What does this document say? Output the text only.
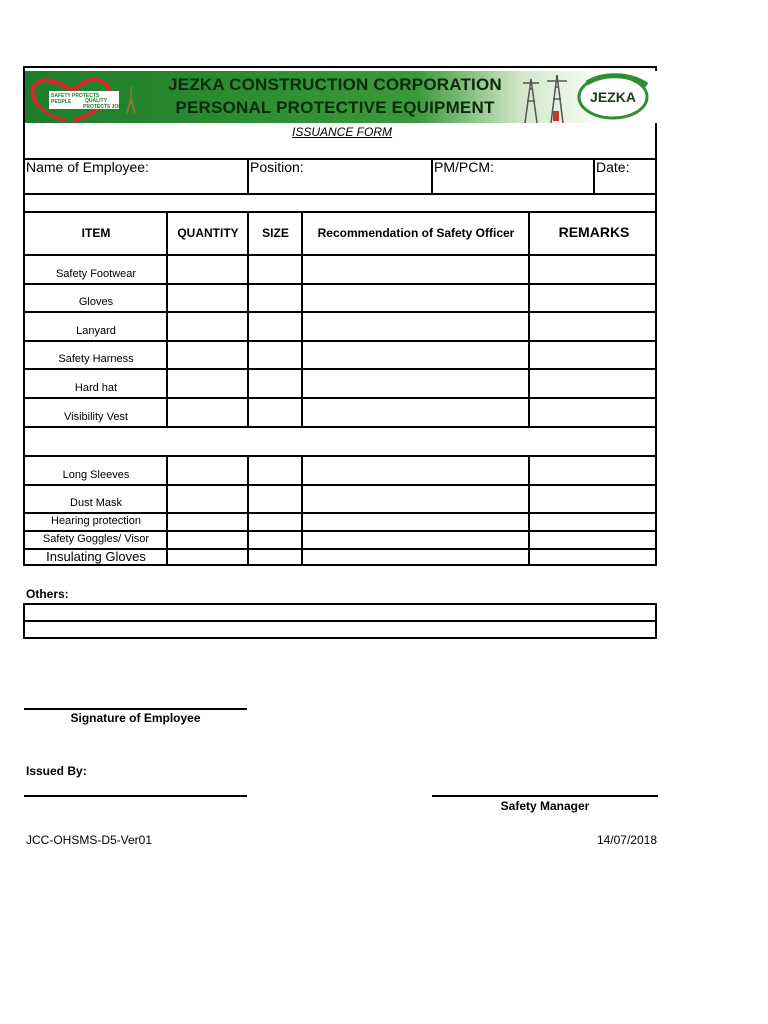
SAFETY PROTECTS
PEOPLE	QUALITY
PROTECTS JOBS
JEZKA CONSTRUCTION CORPORATION
PERSONAL PROTECTIVE EQUIPMENT
JEZKA
ISSUANCE FORM
Name of Employee:	Position:	PM/PCM:	Date:
ITEM	QUANTITY	SIZE	Recommendation of Safety Officer	REMARKS
Safety Footwear
Gloves
Lanyard
Safety Harness
Hard hat
Visibility Vest
Long Sleeves
Dust Mask
Hearing protection
Safety Goggles/ Visor
Insulating Gloves
Others:
Signature of Employee
Issued By:
Safety Manager
JCC-OHSMS-D5-Ver01	14/07/2018
